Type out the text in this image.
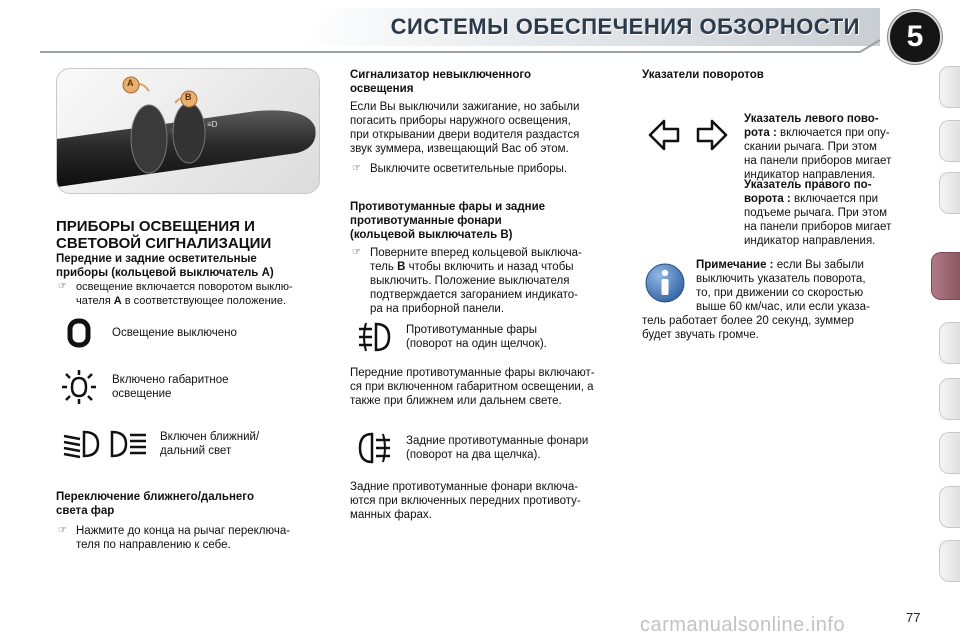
СИСТЕМЫ ОБЕСПЕЧЕНИЯ ОБЗОРНОСТИ	5
◌
≡D
A
B

ПРИБОРЫ ОСВЕЩЕНИЯ И

СВЕТОВОЙ СИГНАЛИЗАЦИИ

Передние и задние осветительные

приборы (кольцевой выключатель A)

☞ освещение включается поворотом выклю-
чателя А в соответствующее положение.
Освещение выключено
Включено габаритное
освещение
Включен ближний/
дальний свет

Переключение ближнего/дальнего

света фар

☞ Нажмите до конца на рычаг переключа-
теля по направлению к себе.

Сигнализатор невыключенного

освещения

Если Вы выключили зажигание, но забыли

погасить приборы наружного освещения,

при открывании двери водителя раздастся

звук зуммера, извещающий Вас об этом.

☞ Выключите осветительные приборы.

Противотуманные фары и задние

противотуманные фонари

(кольцевой выключатель B)

☞ Поверните вперед кольцевой выключа-
тель B чтобы включить и назад чтобы
выключить. Положение выключателя
подтверждается загоранием индикато-
ра на приборной панели.
Противотуманные фары
(поворот на один щелчок).

Передние противотуманные фары включают-

ся при включенном габаритном освещении, а

также при ближнем или дальнем свете.

Задние противотуманные фонари
(поворот на два щелчка).

Задние противотуманные фонари включа-

ются при включенных передних противоту-

манных фарах.

Указатели поворотов

Указатель левого пово-

рота : включается при опу-

скании рычага. При этом

на панели приборов мигает

индикатор направления.

Указатель правого по-

ворота : включается при

подъеме рычага. При этом

на панели приборов мигает

индикатор направления.

Примечание : если Вы забыли

выключить указатель поворота,

то, при движении со скоростью

выше 60 км/час, или если указа-

тель работает более 20 секунд, зуммер

будет звучать громче.

carmanualsonline.info	77
